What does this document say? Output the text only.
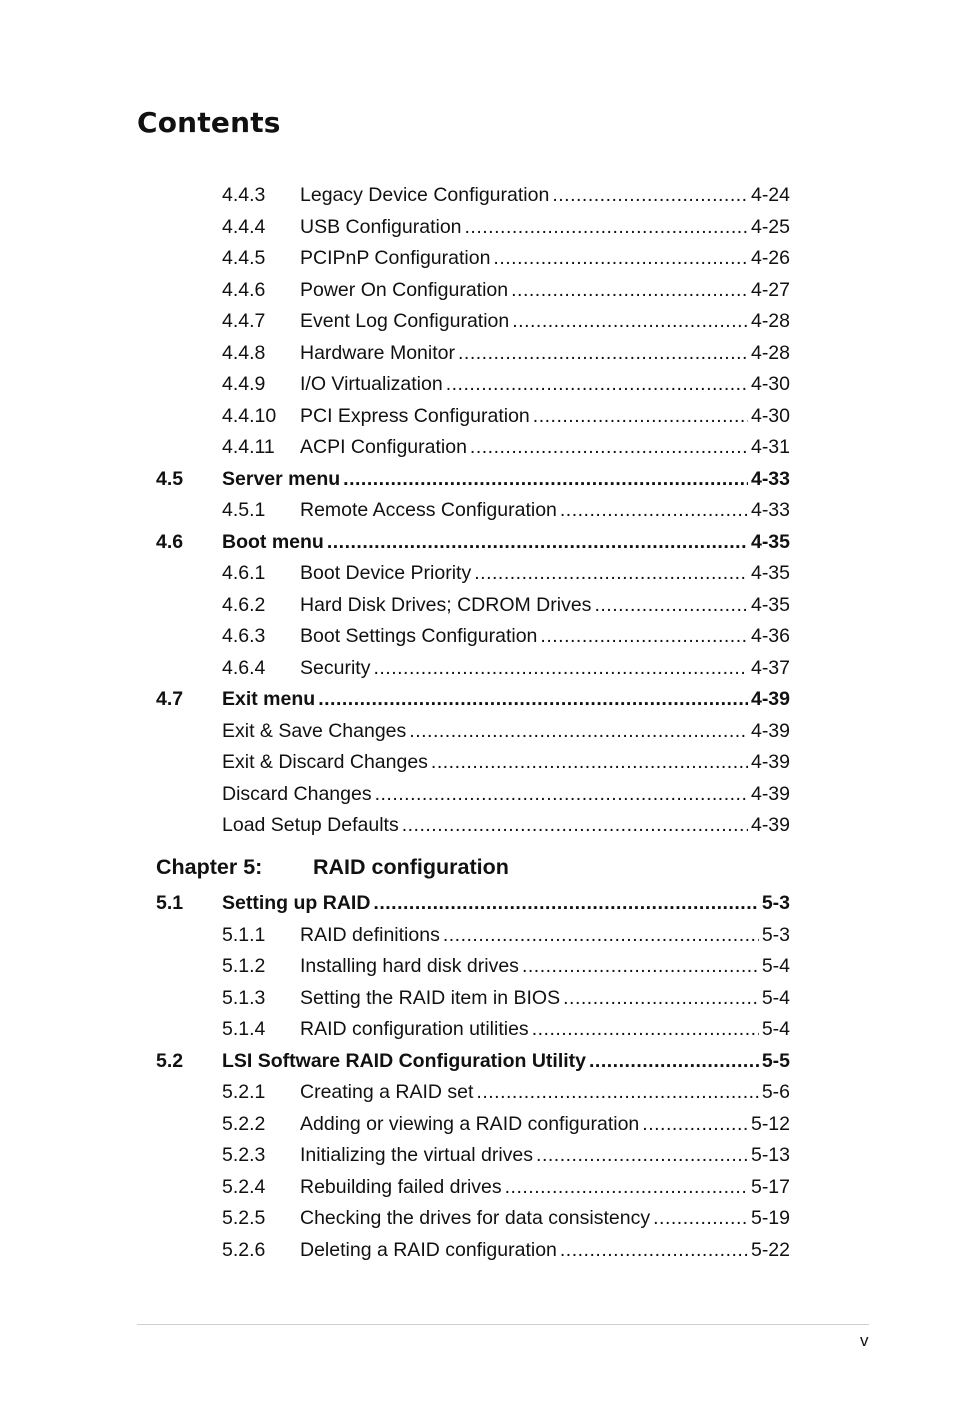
Contents
4.4.3	Legacy Device Configuration .....	4-24
4.4.4	USB Configuration .....	4-25
4.4.5	PCIPnP Configuration .....	4-26
4.4.6	Power On Configuration .....	4-27
4.4.7	Event Log Configuration .....	4-28
4.4.8	Hardware Monitor .....	4-28
4.4.9	I/O Virtualization .....	4-30
4.4.10	PCI Express Configuration .....	4-30
4.4.11	ACPI Configuration .....	4-31
4.5	Server menu .....	4-33
4.5.1	Remote Access Configuration .....	4-33
4.6	Boot menu .....	4-35
4.6.1	Boot Device Priority .....	4-35
4.6.2	Hard Disk Drives; CDROM Drives .....	4-35
4.6.3	Boot Settings Configuration .....	4-36
4.6.4	Security .....	4-37
4.7	Exit menu .....	4-39
Exit & Save Changes .....	4-39
Exit & Discard Changes .....	4-39
Discard Changes .....	4-39
Load Setup Defaults .....	4-39
5.1	Setting up RAID .....	5-3
5.1.1	RAID definitions .....	5-3
5.1.2	Installing hard disk drives .....	5-4
5.1.3	Setting the RAID item in BIOS .....	5-4
5.1.4	RAID configuration utilities .....	5-4
5.2	LSI Software RAID Configuration Utility .....	5-5
5.2.1	Creating a RAID set .....	5-6
5.2.2	Adding or viewing a RAID configuration .....	5-12
5.2.3	Initializing the virtual drives .....	5-13
5.2.4	Rebuilding failed drives .....	5-17
5.2.5	Checking the drives for data consistency .....	5-19
5.2.6	Deleting a RAID configuration .....	5-22
Chapter 5:	RAID configuration
v
